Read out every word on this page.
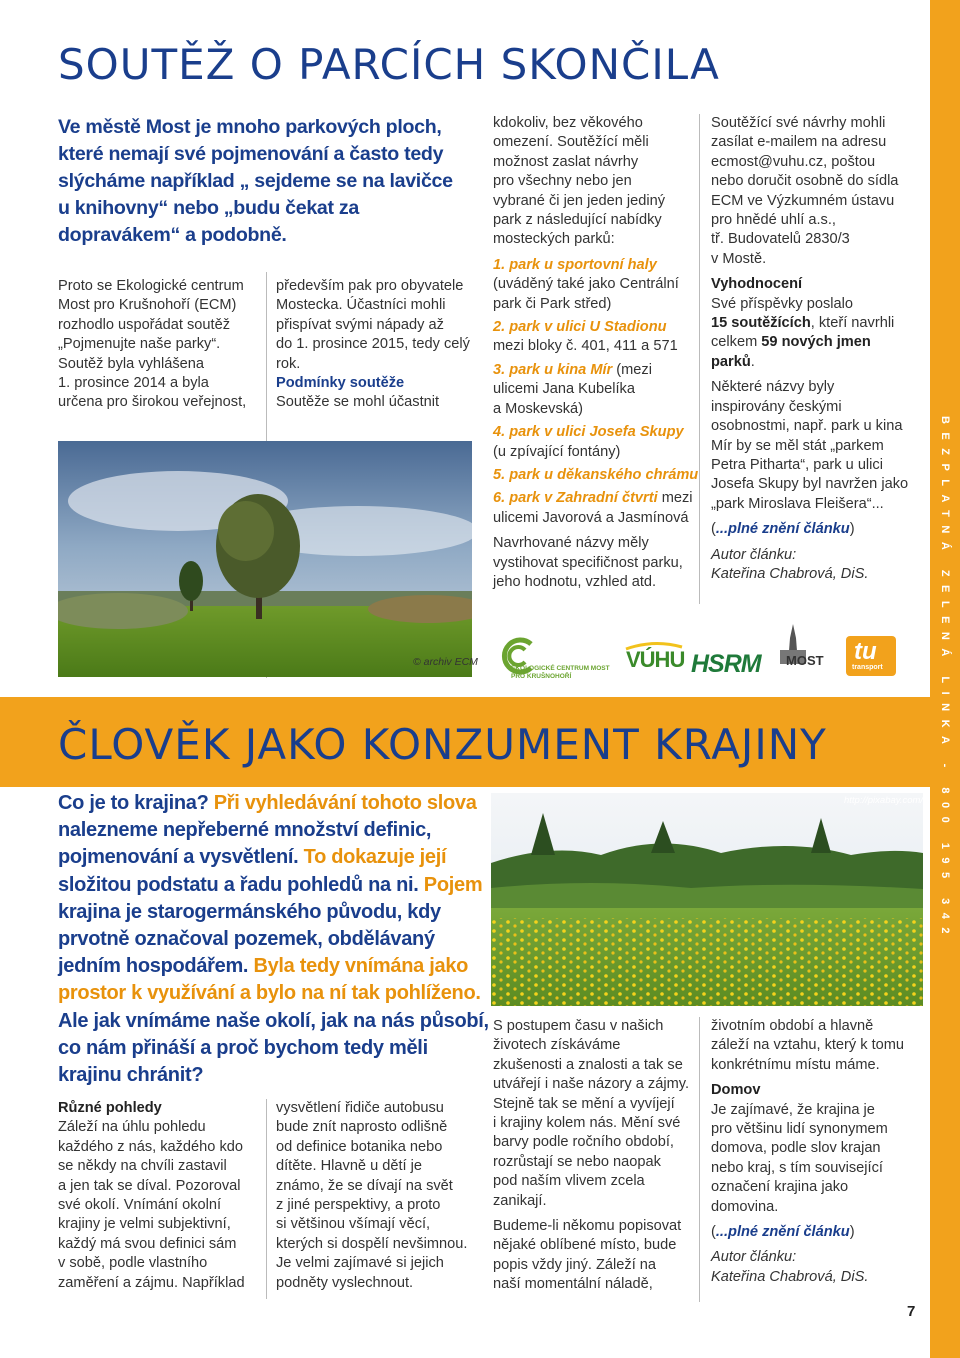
BEZPLATNÁ ZELENÁ LINKA - 800 195 342
SOUTĚŽ O PARCÍCH SKONČILA
Ve městě Most je mnoho parkových ploch,
které nemají své pojmenování a často tedy
slýcháme například „ sejdeme se na lavičce
u knihovny“ nebo „budu čekat za
dopravákem“ a podobně.
Proto se Ekologické centrum
Most pro Krušnohoří (ECM)
rozhodlo uspořádat soutěž
„Pojmenujte naše parky“.
Soutěž byla vyhlášena
1. prosince 2014 a byla
určena pro širokou veřejnost,
především pak pro obyvatele
Mostecka. Účastníci mohli
přispívat svými nápady až
do 1. prosince 2015, tedy celý
rok.
Podmínky soutěže
Soutěže se mohl účastnit
© archiv ECM
kdokoliv, bez věkového
omezení. Soutěžící měli
možnost zaslat návrhy
pro všechny nebo jen
vybrané či jen jeden jediný
park z následující nabídky
mosteckých parků:
1. park u sportovní haly
(uváděný také jako Centrální
park či Park střed)
2. park v ulici U Stadionu
mezi bloky č. 401, 411 a 571
3. park u kina Mír (mezi
ulicemi Jana Kubelíka
a Moskevská)
4. park v ulici Josefa Skupy
(u zpívající fontány)
5. park u děkanského chrámu
6. park v Zahradní čtvrti mezi
ulicemi Javorová a Jasmínová
Navrhované názvy měly
vystihovat specifičnost parku,
jeho hodnotu, vzhled atd.
Soutěžící své návrhy mohli
zasílat e-mailem na adresu
ecmost@vuhu.cz, poštou
nebo doručit osobně do sídla
ECM ve Výzkumném ústavu
pro hnědé uhlí a.s.,
tř. Budovatelů 2830/3
v Mostě.
Vyhodnocení
Své příspěvky poslalo
15 soutěžících, kteří navrhli
celkem 59 nových jmen
parků.
Některé názvy byly
inspirovány českými
osobnostmi, např. park u kina
Mír by se měl stát „parkem
Petra Pitharta“, park u ulici
Josefa Skupy byl navržen jako
„park Miroslava Fleišera“...
(...plné znění článku)
Autor článku:
Kateřina Chabrová, DiS.
EKOLOGICKÉ CENTRUM MOST
PRO KRUŠNOHOŘÍ
VÚHU HSRM MOST tu
transport
ČLOVĚK JAKO KONZUMENT KRAJINY
Co je to krajina? Při vyhledávání tohoto slova
nalezneme nepřeberné množství definic,
pojmenování a vysvětlení. To dokazuje její
složitou podstatu a řadu pohledů na ni. Pojem
krajina je starogermánského původu, kdy
prvotně označoval pozemek, obdělávaný
jedním hospodářem. Byla tedy vnímána jako
prostor k využívání a bylo na ní tak pohlíženo.
Ale jak vnímáme naše okolí, jak na nás působí,
co nám přináší a proč bychom tedy měli
krajinu chránit?
http://pixabay.com/
Různé pohledy
Záleží na úhlu pohledu
každého z nás, každého kdo
se někdy na chvíli zastavil
a jen tak se díval. Pozoroval
své okolí. Vnímání okolní
krajiny je velmi subjektivní,
každý má svou definici sám
v sobě, podle vlastního
zaměření a zájmu. Například
vysvětlení řidiče autobusu
bude znít naprosto odlišně
od definice botanika nebo
dítěte. Hlavně u dětí je
známo, že se dívají na svět
z jiné perspektivy, a proto
si většinou všímají věcí,
kterých si dospělí nevšimnou.
Je velmi zajímavé si jejich
podněty vyslechnout.
S postupem času v našich
životech získáváme
zkušenosti a znalosti a tak se
utvářejí i naše názory a zájmy.
Stejně tak se mění a vyvíjejí
i krajiny kolem nás. Mění své
barvy podle ročního období,
rozrůstají se nebo naopak
pod naším vlivem zcela
zanikají.
Budeme-li někomu popisovat
nějaké oblíbené místo, bude
popis vždy jiný. Záleží na
naší momentální náladě,
životním období a hlavně
záleží na vztahu, který k tomu
konkrétnímu místu máme.
Domov
Je zajímavé, že krajina je
pro většinu lidí synonymem
domova, podle slov krajan
nebo kraj, s tím související
označení krajina jako
domovina.
(...plné znění článku)
Autor článku:
Kateřina Chabrová, DiS.
7
